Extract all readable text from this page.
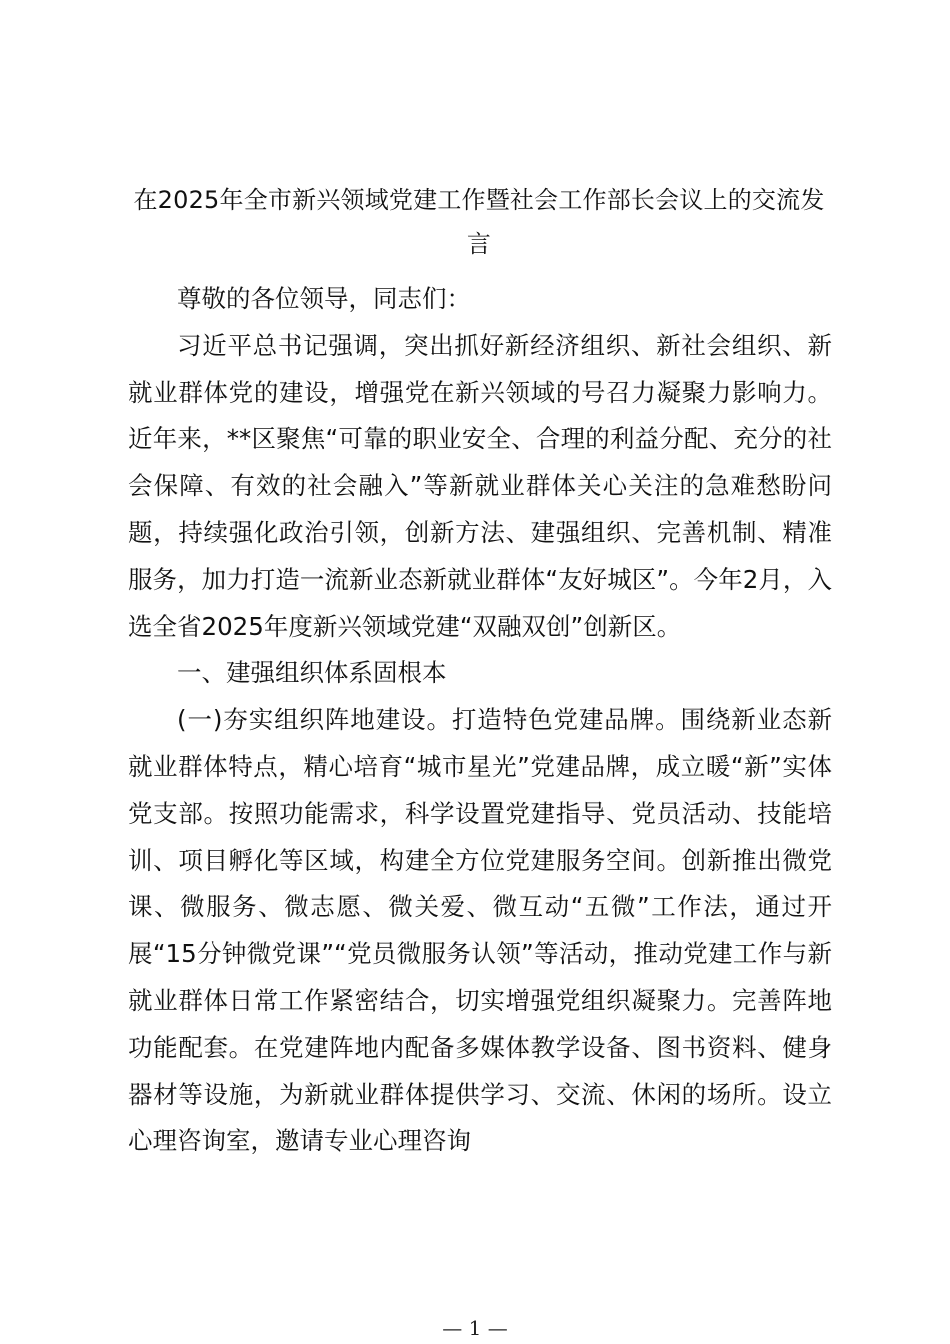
在2025年全市新兴领域党建工作暨社会工作部长会议上的交流发言

尊敬的各位领导，同志们：

习近平总书记强调，突出抓好新经济组织、新社会组织、新就业群体党的建设，增强党在新兴领域的号召力凝聚力影响力。近年来，**区聚焦“可靠的职业安全、合理的利益分配、充分的社会保障、有效的社会融入”等新就业群体关心关注的急难愁盼问题，持续强化政治引领，创新方法、建强组织、完善机制、精准服务，加力打造一流新业态新就业群体“友好城区”。今年2月，入选全省2025年度新兴领域党建“双融双创”创新区。

一、建强组织体系固根本

(一)夯实组织阵地建设。打造特色党建品牌。围绕新业态新就业群体特点，精心培育“城市星光”党建品牌，成立暖“新”实体党支部。按照功能需求，科学设置党建指导、党员活动、技能培训、项目孵化等区域，构建全方位党建服务空间。创新推出微党课、微服务、微志愿、微关爱、微互动“五微”工作法，通过开展“15分钟微党课”“党员微服务认领”等活动，推动党建工作与新就业群体日常工作紧密结合，切实增强党组织凝聚力。完善阵地功能配套。在党建阵地内配备多媒体教学设备、图书资料、健身器材等设施，为新就业群体提供学习、交流、休闲的场所。设立心理咨询室，邀请专业心理咨询

— 1 —
